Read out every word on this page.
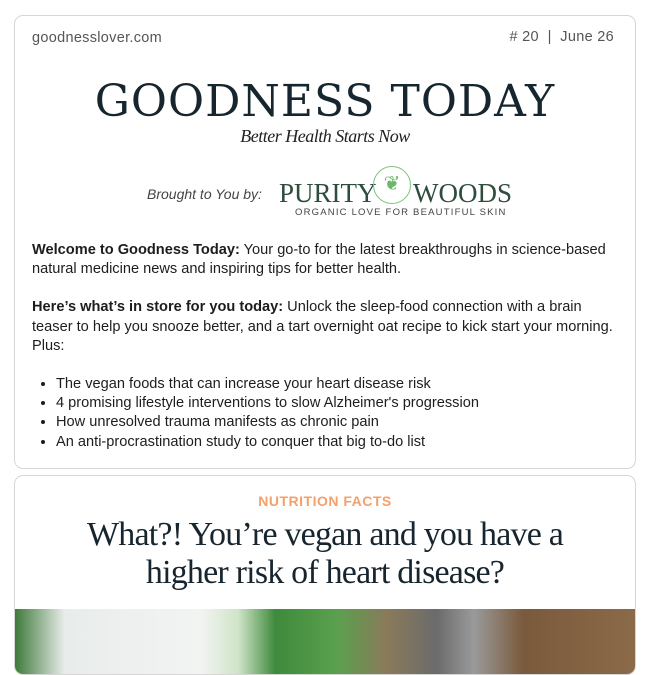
goodnesslover.com	# 20  |  June 26
GOODNESS TODAY
Better Health Starts Now
Brought to You by: PURITY ❦ WOODS
ORGANIC LOVE FOR BEAUTIFUL SKIN

Welcome to Goodness Today: Your go-to for the latest breakthroughs in science-based natural medicine news and inspiring tips for better health.

Here’s what’s in store for you today: Unlock the sleep-food connection with a brain teaser to help you snooze better, and a tart overnight oat recipe to kick start your morning. Plus:

• The vegan foods that can increase your heart disease risk
• 4 promising lifestyle interventions to slow Alzheimer's progression
• How unresolved trauma manifests as chronic pain
• An anti-procrastination study to conquer that big to-do list
NUTRITION FACTS
What?! You’re vegan and you have a higher risk of heart disease?
